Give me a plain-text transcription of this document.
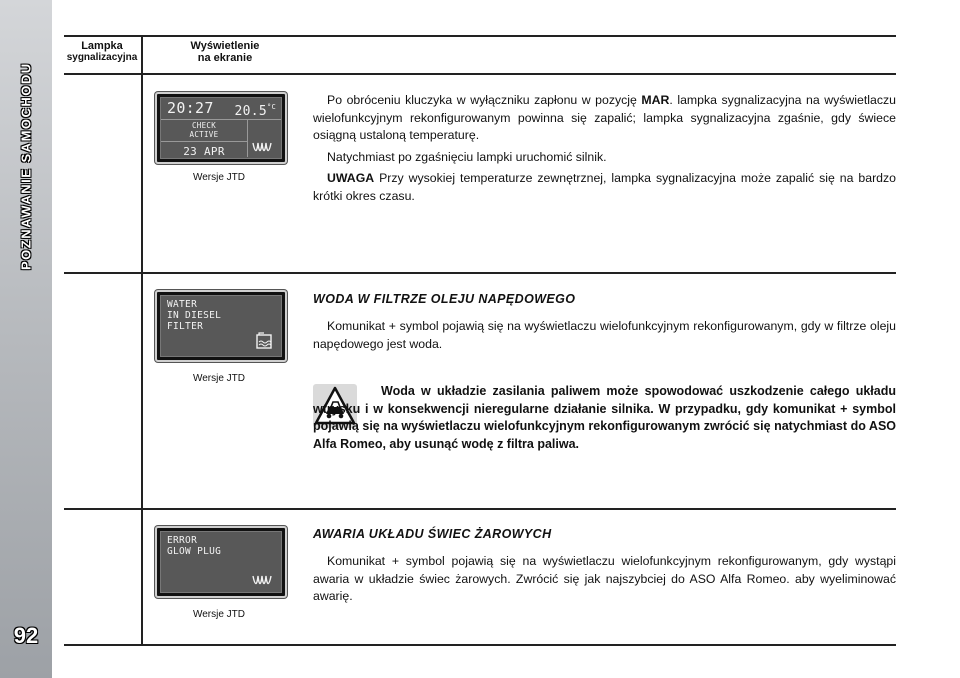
POZNAWANIE SAMOCHODU
92
Lampka
sygnalizacyjna
Wyświetlenie
na ekranie
20:27 $20.5^{^\circ C}$
CHECK
ACTIVE
23 APR
Wersje JTD

Po obróceniu kluczyka w wyłączniku zapłonu w pozycję MAR. lampka sygnalizacyjna na wyświetlaczu wielofunkcyjnym rekonfigurowanym powinna się zapalić; lampka sygnalizacyjna zgaśnie, gdy świece osiągną ustaloną temperaturę.

Natychmiast po zgaśnięciu lampki uruchomić silnik.

UWAGA Przy wysokiej temperaturze zewnętrznej, lampka sygnalizacyjna może zapalić się na bardzo krótki okres czasu.

WATER
IN DIESEL
FILTER
Wersje JTD
WODA W FILTRZE OLEJU NAPĘDOWEGO

Komunikat + symbol pojawią się na wyświetlaczu wielofunkcyjnym rekonfigurowanym, gdy w filtrze oleju napędowego jest woda.

Woda w układzie zasilania paliwem może spowodować uszkodzenie całego układu wtrysku i w konsekwencji nieregularne działanie silnika. W przypadku, gdy komunikat + symbol pojawią się na wyświetlaczu wielofunkcyjnym rekonfigurowanym zwrócić się natychmiast do ASO Alfa Romeo, aby usunąć wodę z filtra paliwa.
ERROR
GLOW PLUG
Wersje JTD
AWARIA UKŁADU ŚWIEC ŻAROWYCH

Komunikat + symbol pojawią się na wyświetlaczu wielofunkcyjnym rekonfigurowanym, gdy wystąpi awaria w układzie świec żarowych. Zwrócić się jak najszybciej do ASO Alfa Romeo. aby wyeliminować awarię.
